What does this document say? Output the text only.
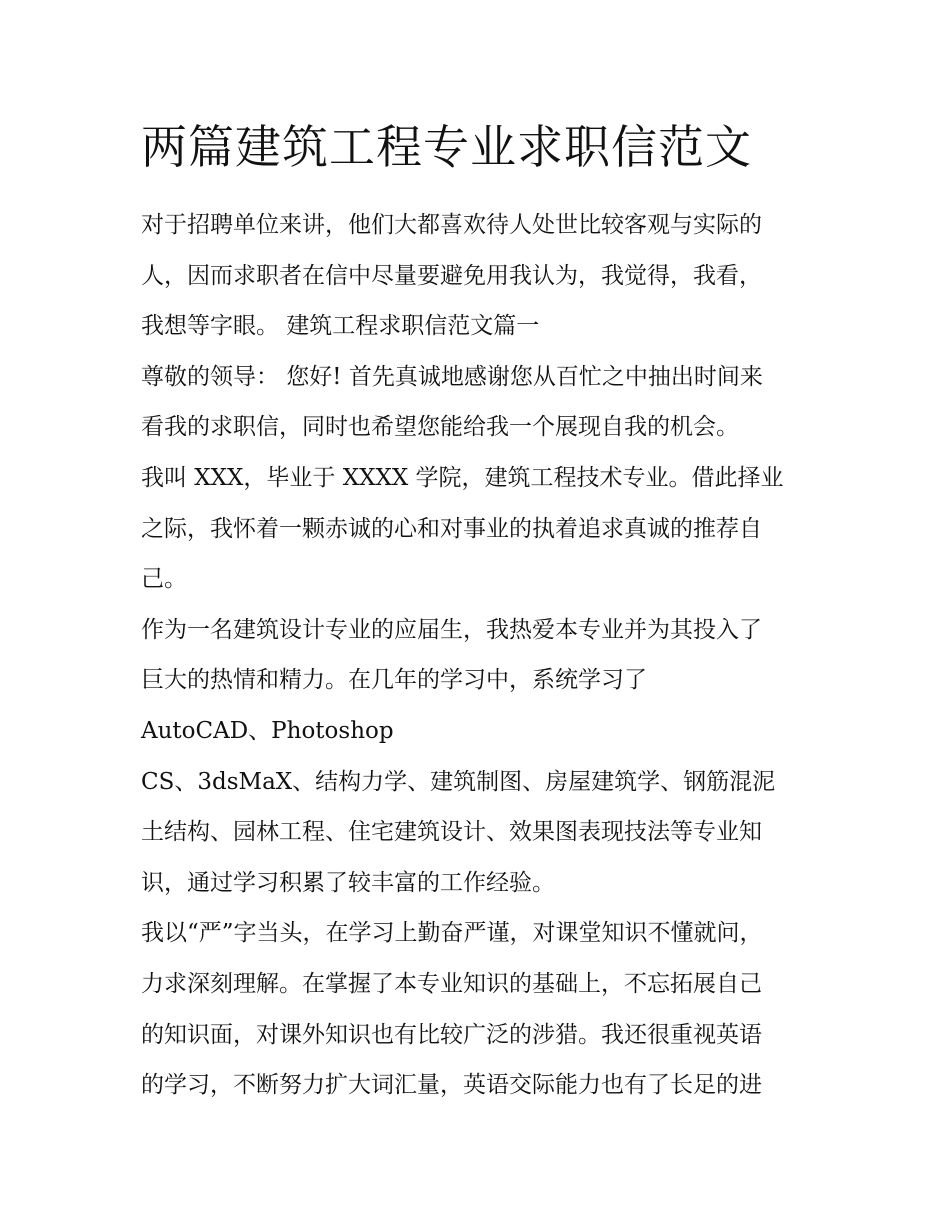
两篇建筑工程专业求职信范文

对于招聘单位来讲，他们大都喜欢待人处世比较客观与实际的

人，因而求职者在信中尽量要避免用我认为，我觉得，我看，

我想等字眼。 建筑工程求职信范文篇一

尊敬的领导： 您好! 首先真诚地感谢您从百忙之中抽出时间来

看我的求职信，同时也希望您能给我一个展现自我的机会。

我叫 XXX，毕业于 XXXX 学院，建筑工程技术专业。借此择业

之际，我怀着一颗赤诚的心和对事业的执着追求真诚的推荐自

己。

作为一名建筑设计专业的应届生，我热爱本专业并为其投入了

巨大的热情和精力。在几年的学习中，系统学习了

AutoCAD、Photoshop

CS、3dsMaX、结构力学、建筑制图、房屋建筑学、钢筋混泥

土结构、园林工程、住宅建筑设计、效果图表现技法等专业知

识，通过学习积累了较丰富的工作经验。

我以“严”字当头，在学习上勤奋严谨，对课堂知识不懂就问，

力求深刻理解。在掌握了本专业知识的基础上，不忘拓展自己

的知识面，对课外知识也有比较广泛的涉猎。我还很重视英语

的学习，不断努力扩大词汇量，英语交际能力也有了长足的进
